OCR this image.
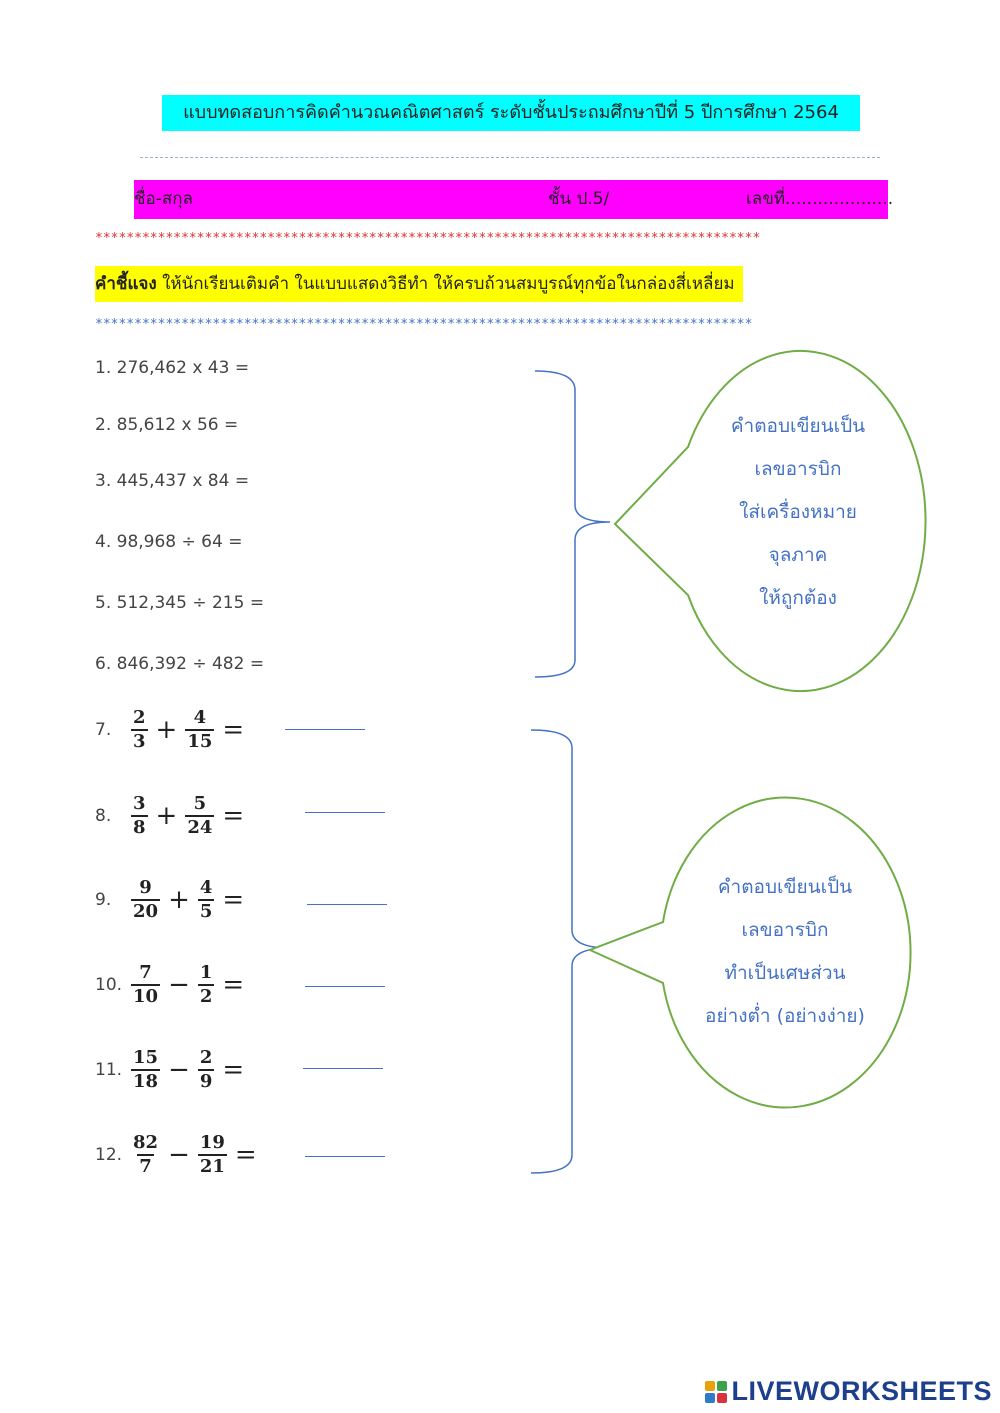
แบบทดสอบการคิดคำนวณคณิตศาสตร์ ระดับชั้นประถมศึกษาปีที่ 5 ปีการศึกษา 2564
ชื่อ-สกุล	ชั้น ป.5/	เลขที่....................
*************************************************************************************
คำชี้แจง ให้นักเรียนเติมคำ ในแบบแสดงวิธีทำ ให้ครบถ้วนสมบูรณ์ทุกข้อในกล่องสี่เหลี่ยม
************************************************************************************
1. 276,462 x 43 =
2. 85,612 x 56 =
3. 445,437 x 84 =
4. 98,968 ÷ 64 =
5. 512,345 ÷ 215 =
6. 846,392 ÷ 482 =
7.	$\frac{2}{3} + \frac{4}{15}$ =
8.	$\frac{3}{8} + \frac{5}{24}$ =
9.	$\frac{9}{20} + \frac{4}{5}$ =
10. $\frac{7}{10} - \frac{1}{2}$ =
11. $\frac{15}{18} - \frac{2}{9}$ =
12. $\frac{82}{7} - \frac{19}{21}$ =
คำตอบเขียนเป็น
เลขอารบิก
ใส่เครื่องหมาย
จุลภาค
ให้ถูกต้อง
คำตอบเขียนเป็น
เลขอารบิก
ทำเป็นเศษส่วน
อย่างต่ำ (อย่างง่าย)
LIVEWORKSHEETS
